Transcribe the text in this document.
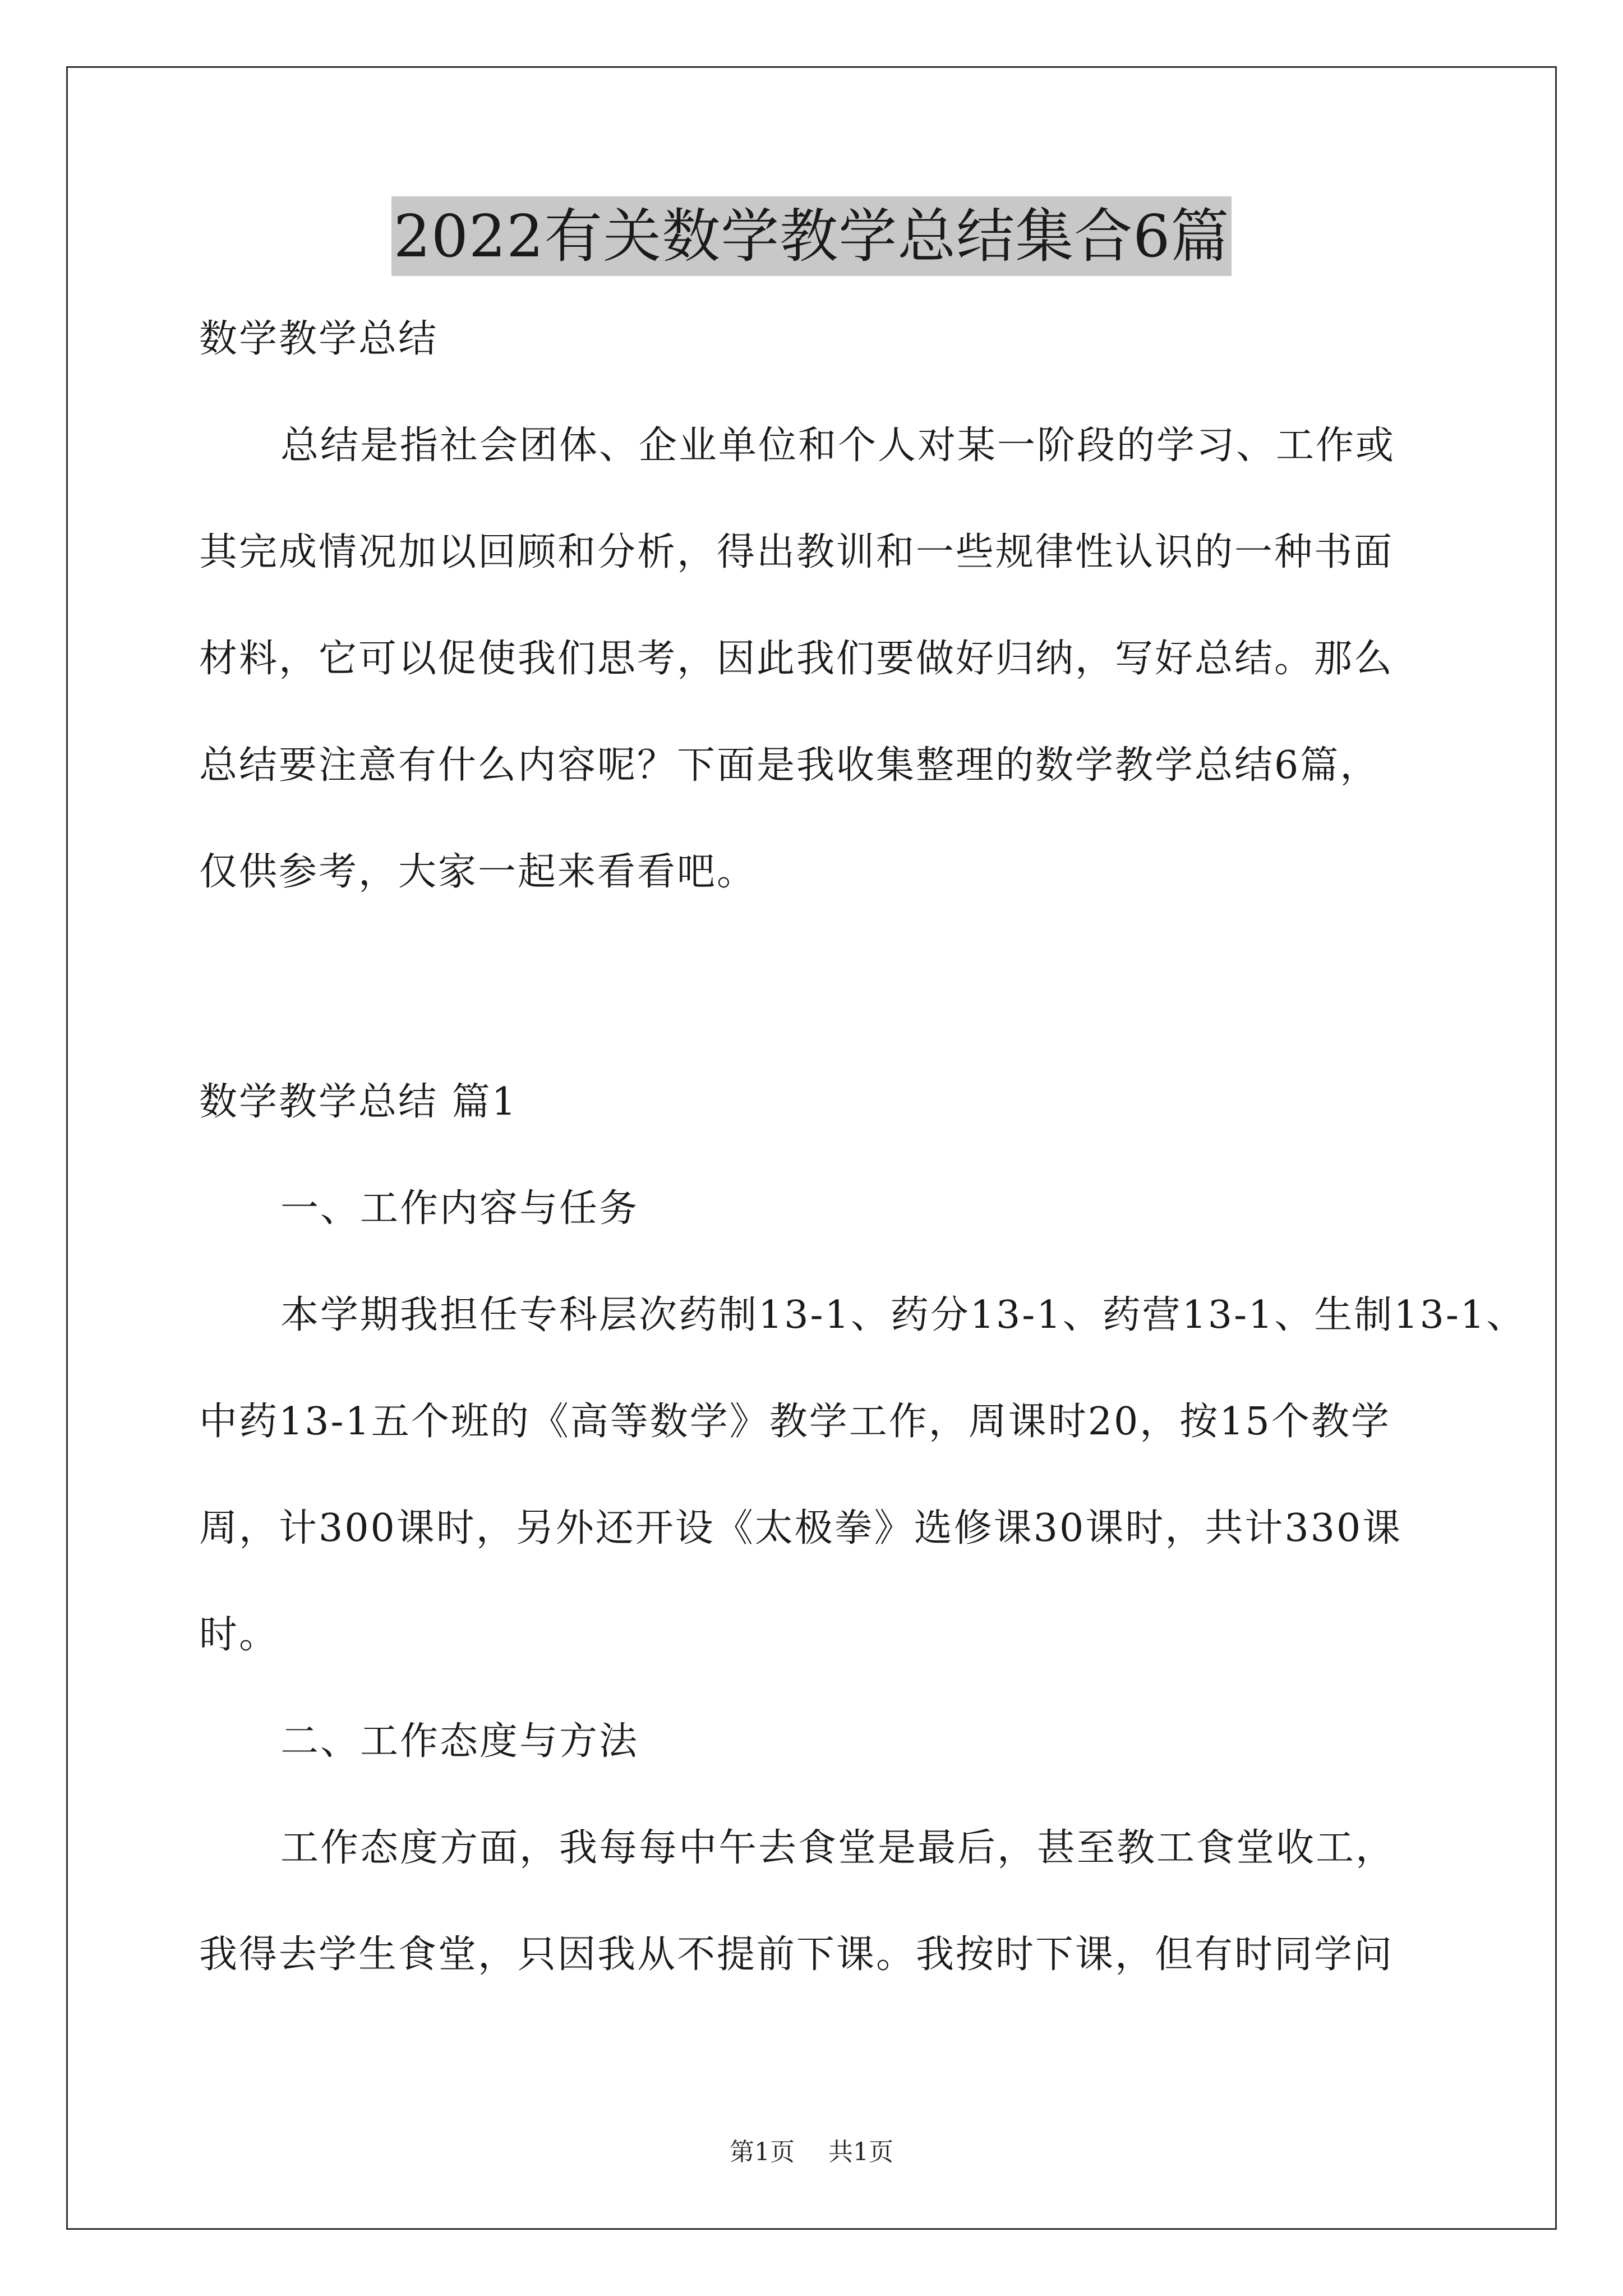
2022有关数学教学总结集合6篇
数学教学总结
总结是指社会团体、企业单位和个人对某一阶段的学习、工作或
其完成情况加以回顾和分析，得出教训和一些规律性认识的一种书面
材料，它可以促使我们思考，因此我们要做好归纳，写好总结。那么
总结要注意有什么内容呢？下面是我收集整理的数学教学总结6篇，
仅供参考，大家一起来看看吧。
数学教学总结 篇1
一、工作内容与任务
本学期我担任专科层次药制13-1、药分13-1、药营13-1、生制13-1、
中药13-1五个班的《高等数学》教学工作，周课时20，按15个教学
周，计300课时，另外还开设《太极拳》选修课30课时，共计330课
时。
二、工作态度与方法
工作态度方面，我每每中午去食堂是最后，甚至教工食堂收工，
我得去学生食堂，只因我从不提前下课。我按时下课，但有时同学问
第1页 共1页
